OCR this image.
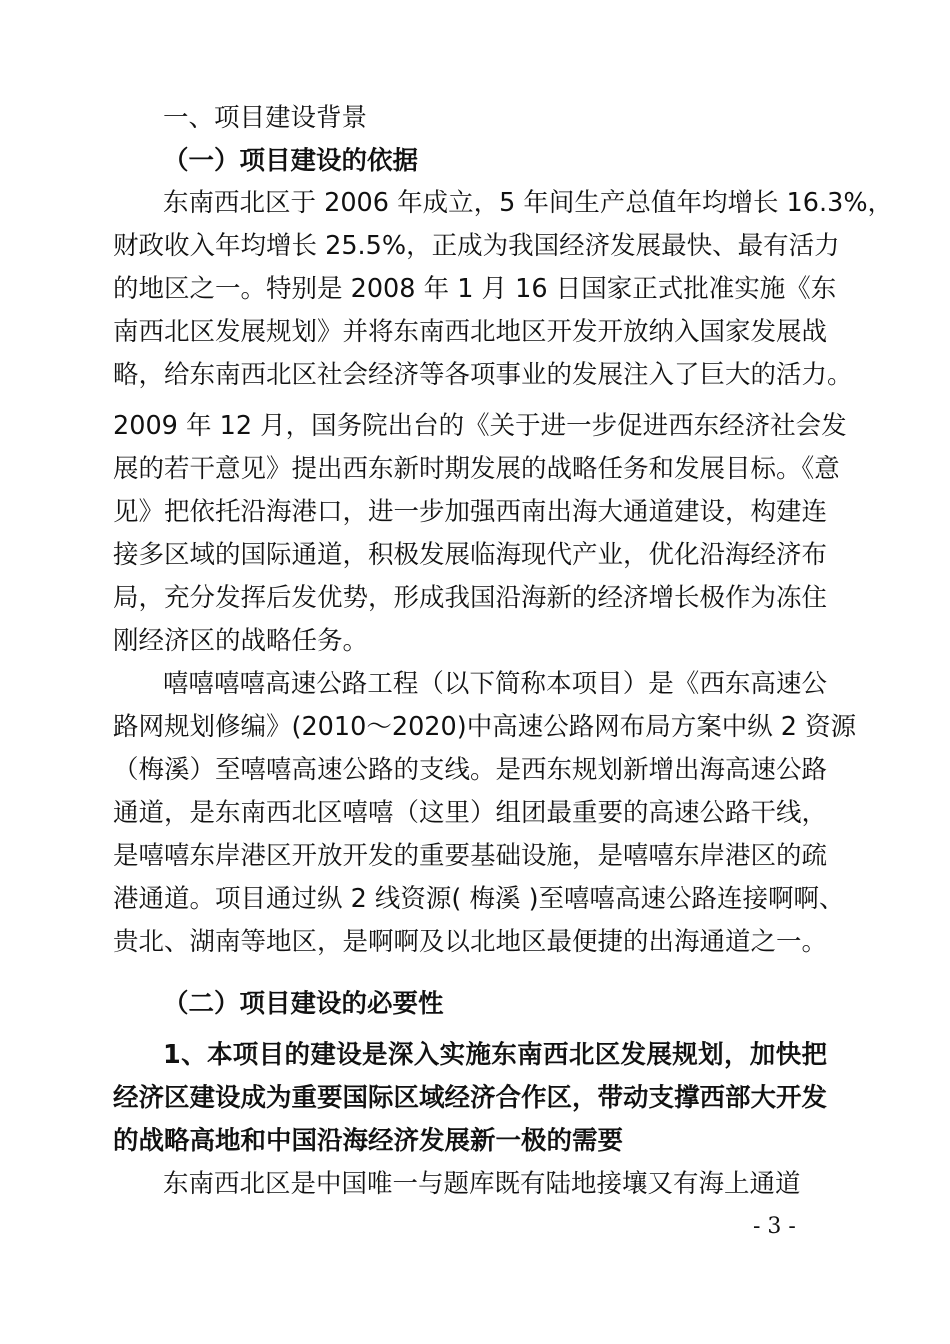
一、项目建设背景
（一）项目建设的依据
东南西北区于 2006 年成立，5 年间生产总值年均增长 16.3%，
财政收入年均增长 25.5%，正成为我国经济发展最快、最有活力
的地区之一。特别是 2008 年 1 月 16 日国家正式批准实施《东
南西北区发展规划》并将东南西北地区开发开放纳入国家发展战
略，给东南西北区社会经济等各项事业的发展注入了巨大的活力。
2009 年 12 月，国务院出台的《关于进一步促进西东经济社会发
展的若干意见》提出西东新时期发展的战略任务和发展目标。《意
见》把依托沿海港口，进一步加强西南出海大通道建设，构建连
接多区域的国际通道，积极发展临海现代产业，优化沿海经济布
局，充分发挥后发优势，形成我国沿海新的经济增长极作为冻住
刚经济区的战略任务。
嘻嘻嘻嘻高速公路工程（以下简称本项目）是《西东高速公
路网规划修编》(2010～2020)中高速公路网布局方案中纵 2 资源
（梅溪）至嘻嘻高速公路的支线。是西东规划新增出海高速公路
通道，是东南西北区嘻嘻（这里）组团最重要的高速公路干线，
是嘻嘻东岸港区开放开发的重要基础设施，是嘻嘻东岸港区的疏
港通道。项目通过纵 2 线资源( 梅溪 )至嘻嘻高速公路连接啊啊、
贵北、湖南等地区，是啊啊及以北地区最便捷的出海通道之一。
（二）项目建设的必要性
1、本项目的建设是深入实施东南西北区发展规划，加快把
经济区建设成为重要国际区域经济合作区，带动支撑西部大开发
的战略高地和中国沿海经济发展新一极的需要
东南西北区是中国唯一与题库既有陆地接壤又有海上通道
- 3 -
